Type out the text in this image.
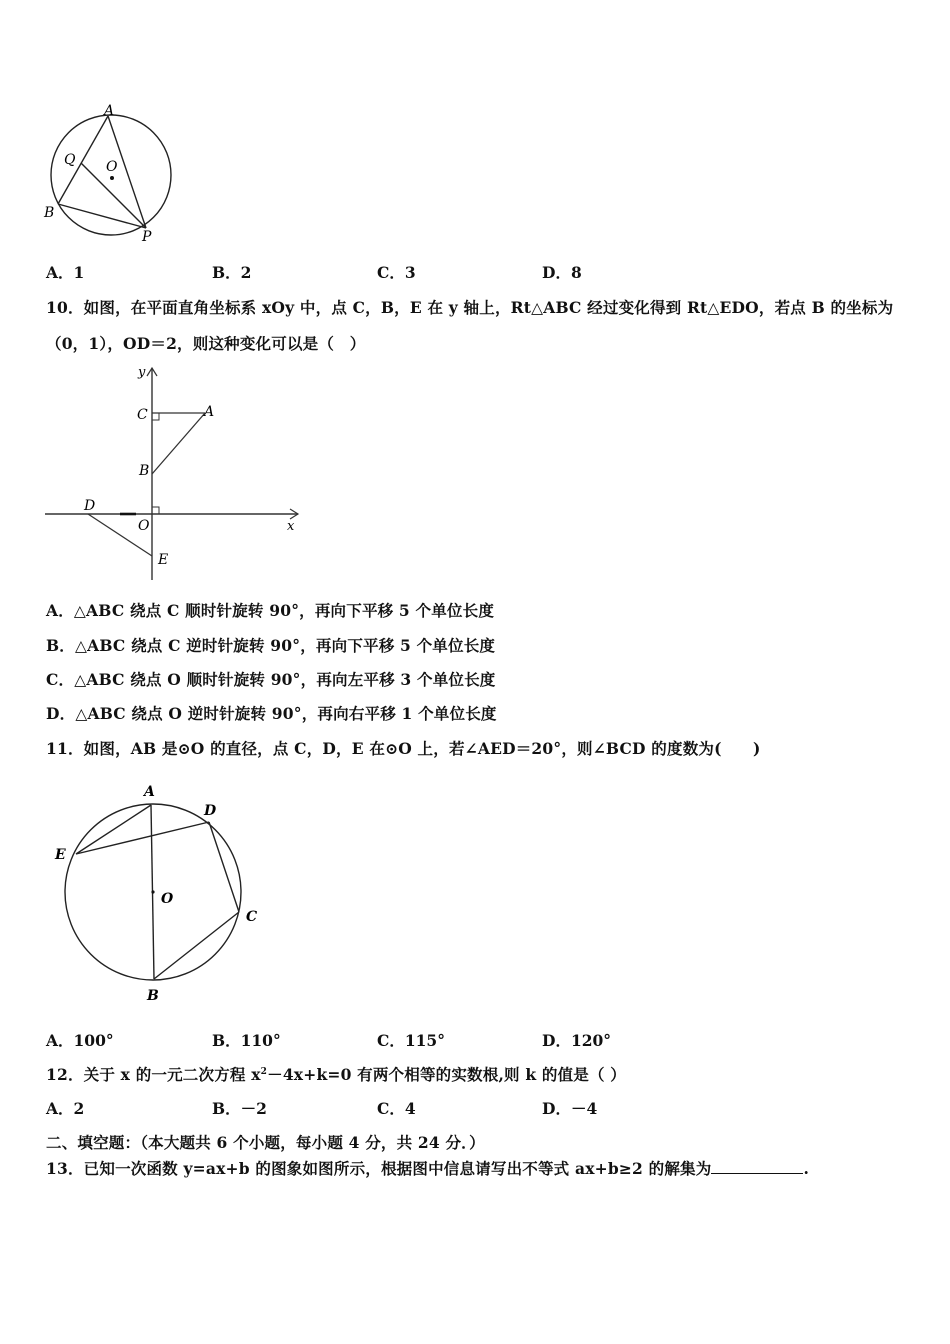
A
Q O
B
P
A．1	B．2	C．3	D．8
10．如图，在平面直角坐标系 xOy 中，点 C，B，E 在 y 轴上，Rt△ABC 经过变化得到 Rt△EDO，若点 B 的坐标为
（0，1），OD＝2，则这种变化可以是（　）
y
x
C	A
B
D
O
E
A．△ABC 绕点 C 顺时针旋转 90°，再向下平移 5 个单位长度
B．△ABC 绕点 C 逆时针旋转 90°，再向下平移 5 个单位长度
C．△ABC 绕点 O 顺时针旋转 90°，再向左平移 3 个单位长度
D．△ABC 绕点 O 逆时针旋转 90°，再向右平移 1 个单位长度
11．如图，AB 是⊙O 的直径，点 C，D，E 在⊙O 上，若∠AED＝20°，则∠BCD 的度数为(　　)
A
D
E
O
C
B
A．100°	B．110°	C．115°	D．120°
12．关于 x 的一元二次方程 $x^2-4x+k=0$ 有两个相等的实数根,则 k 的值是（ ）
A．2	B．－2	C．4	D．－4
二、填空题：（本大题共 6 个小题，每小题 4 分，共 24 分．）
13．已知一次函数 y=ax+b 的图象如图所示，根据图中信息请写出不等式 ax+b≥2 的解集为	.
